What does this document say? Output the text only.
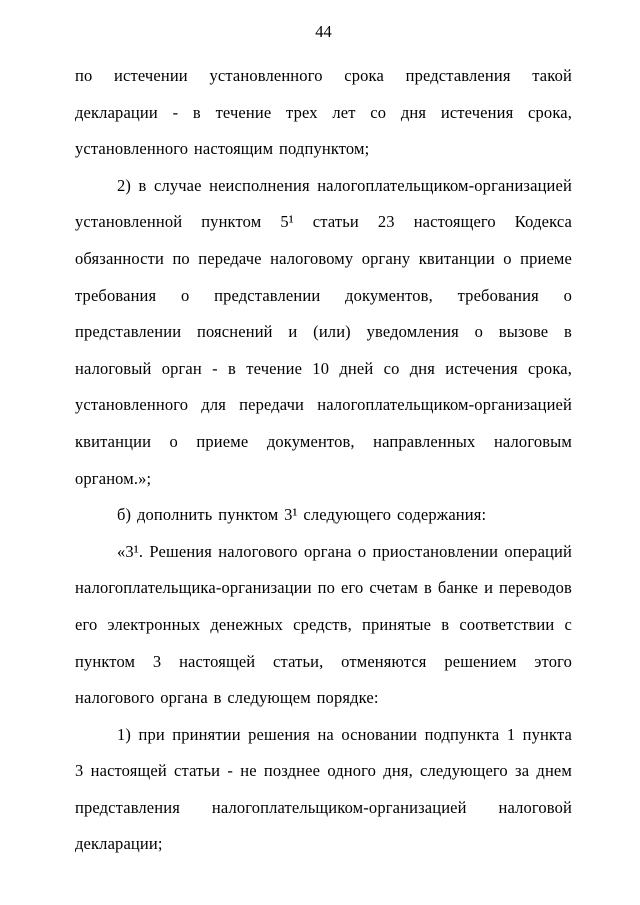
44

по истечении установленного срока представления такой декларации - в течение трех лет со дня истечения срока, установленного настоящим подпунктом;

2) в случае неисполнения налогоплательщиком-организацией установленной пунктом 5¹ статьи 23 настоящего Кодекса обязанности по передаче налоговому органу квитанции о приеме требования о представлении документов, требования о представлении пояснений и (или) уведомления о вызове в налоговый орган - в течение 10 дней со дня истечения срока, установленного для передачи налогоплательщиком-организацией квитанции о приеме документов, направленных налоговым органом.»;

б) дополнить пунктом 3¹ следующего содержания:

«3¹. Решения налогового органа о приостановлении операций налогоплательщика-организации по его счетам в банке и переводов его электронных денежных средств, принятые в соответствии с пунктом 3 настоящей статьи, отменяются решением этого налогового органа в следующем порядке:

1) при принятии решения на основании подпункта 1 пункта 3 настоящей статьи - не позднее одного дня, следующего за днем представления налогоплательщиком-организацией налоговой декларации;
